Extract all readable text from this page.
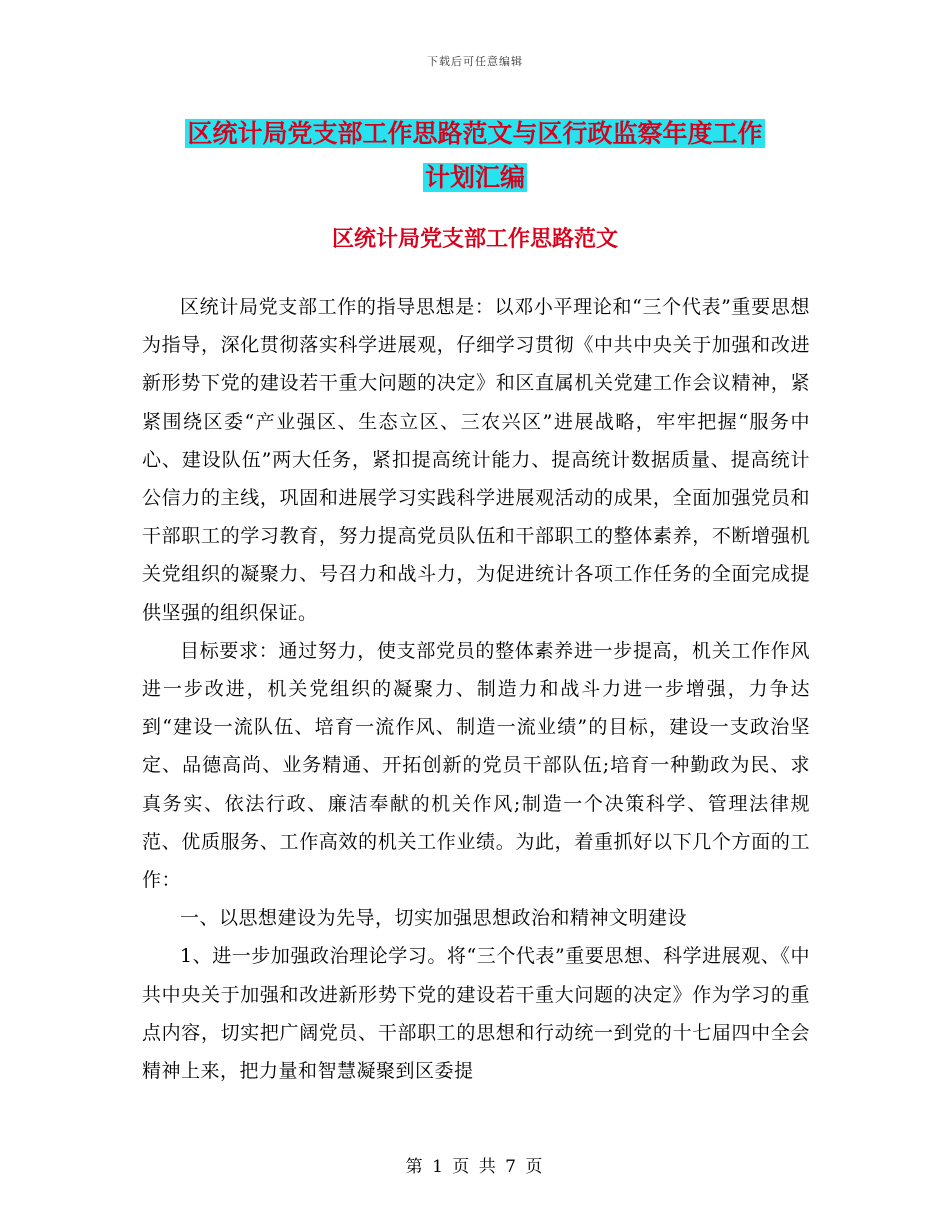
下载后可任意编辑
区统计局党支部工作思路范文与区行政监察年度工作
计划汇编
区统计局党支部工作思路范文

区统计局党支部工作的指导思想是：以邓小平理论和“三个代表”重要思想为指导，深化贯彻落实科学进展观，仔细学习贯彻《中共中央关于加强和改进新形势下党的建设若干重大问题的决定》和区直属机关党建工作会议精神，紧紧围绕区委“产业强区、生态立区、三农兴区”进展战略，牢牢把握“服务中心、建设队伍”两大任务，紧扣提高统计能力、提高统计数据质量、提高统计公信力的主线，巩固和进展学习实践科学进展观活动的成果，全面加强党员和干部职工的学习教育，努力提高党员队伍和干部职工的整体素养，不断增强机关党组织的凝聚力、号召力和战斗力，为促进统计各项工作任务的全面完成提供坚强的组织保证。

目标要求：通过努力，使支部党员的整体素养进一步提高，机关工作作风进一步改进，机关党组织的凝聚力、制造力和战斗力进一步增强，力争达到“建设一流队伍、培育一流作风、制造一流业绩”的目标，建设一支政治坚定、品德高尚、业务精通、开拓创新的党员干部队伍;培育一种勤政为民、求真务实、依法行政、廉洁奉献的机关作风;制造一个决策科学、管理法律规范、优质服务、工作高效的机关工作业绩。为此，着重抓好以下几个方面的工作：

一、以思想建设为先导，切实加强思想政治和精神文明建设

1、进一步加强政治理论学习。将“三个代表”重要思想、科学进展观、《中共中央关于加强和改进新形势下党的建设若干重大问题的决定》作为学习的重点内容，切实把广阔党员、干部职工的思想和行动统一到党的十七届四中全会精神上来，把力量和智慧凝聚到区委提

第 1 页 共 7 页
